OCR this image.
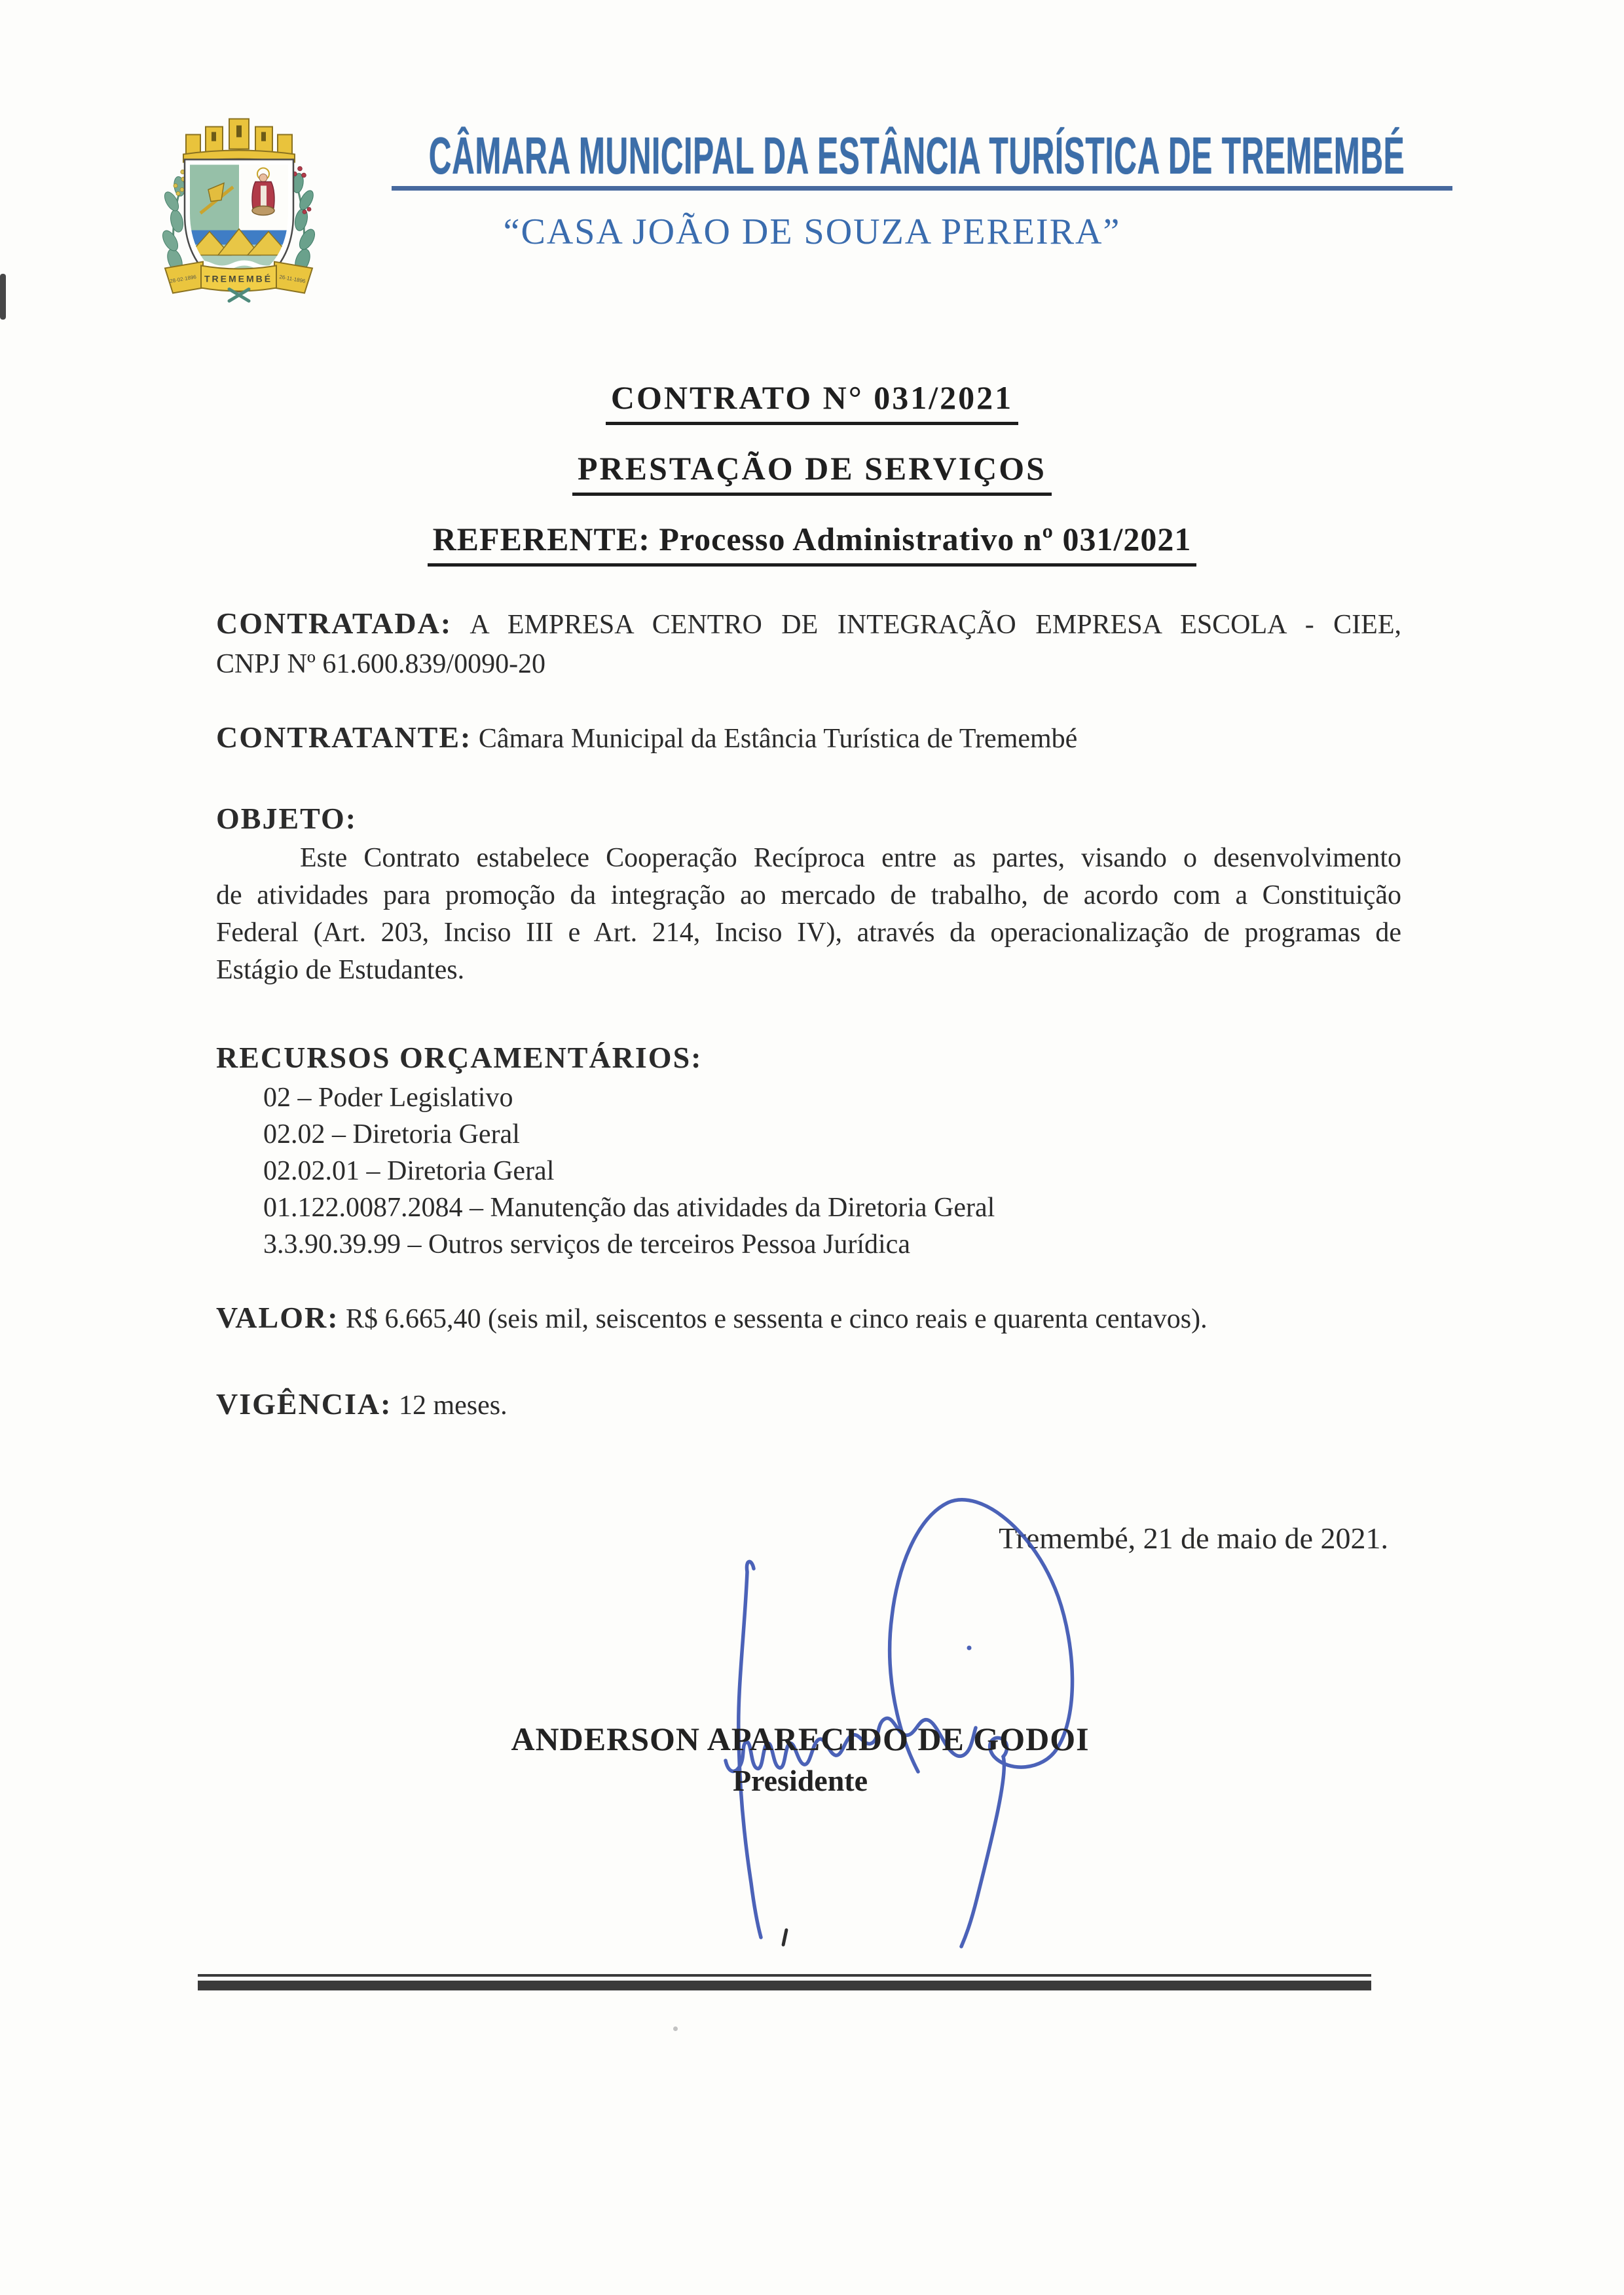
TREMEMBÉ
28·02·1896	26·11·1896
CÂMARA MUNICIPAL DA ESTÂNCIA TURÍSTICA DE TREMEMBÉ
“CASA JOÃO DE SOUZA PEREIRA”
CONTRATO N° 031/2021
PRESTAÇÃO DE SERVIÇOS
REFERENTE: Processo Administrativo nº 031/2021
CONTRATADA: A EMPRESA CENTRO DE INTEGRAÇÃO EMPRESA ESCOLA - CIEE,
CNPJ Nº 61.600.839/0090-20
CONTRATANTE: Câmara Municipal da Estância Turística de Tremembé
OBJETO:
Este Contrato estabelece Cooperação Recíproca entre as partes, visando o desenvolvimento
de atividades para promoção da integração ao mercado de trabalho, de acordo com a Constituição
Federal (Art. 203, Inciso III e Art. 214, Inciso IV), através da operacionalização de programas de
Estágio de Estudantes.
RECURSOS ORÇAMENTÁRIOS:
02 – Poder Legislativo
02.02 – Diretoria Geral
02.02.01 – Diretoria Geral
01.122.0087.2084 – Manutenção das atividades da Diretoria Geral
3.3.90.39.99 – Outros serviços de terceiros Pessoa Jurídica
VALOR: R$ 6.665,40 (seis mil, seiscentos e sessenta e cinco reais e quarenta centavos).
VIGÊNCIA: 12 meses.
Tremembé, 21 de maio de 2021.
ANDERSON APARECIDO DE GODOI
Presidente
